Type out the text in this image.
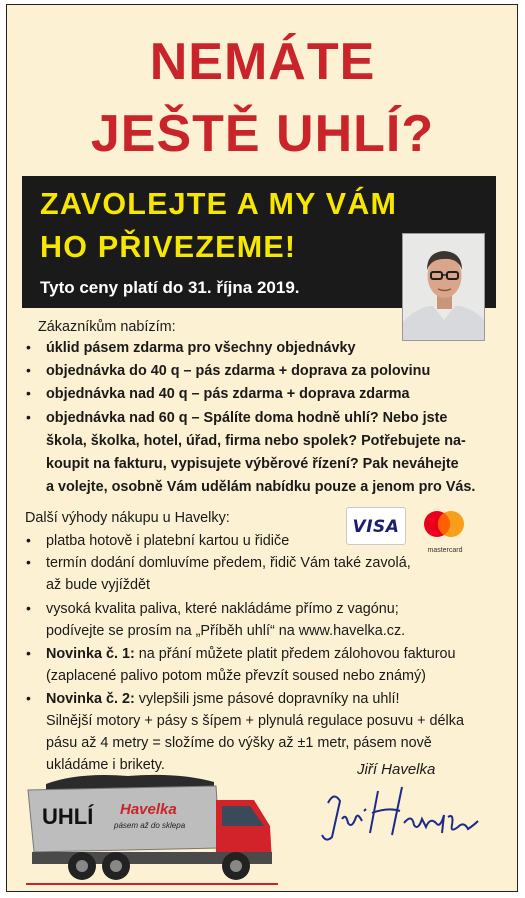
NEMÁTE
JEŠTĚ UHLÍ?
ZAVOLEJTE A MY VÁM
HO PŘIVEZEME!
Tyto ceny platí do 31. října 2019.
Zákazníkům nabízím:
• úklid pásem zdarma pro všechny objednávky
• objednávka do 40 q – pás zdarma + doprava za polovinu
• objednávka nad 40 q – pás zdarma + doprava zdarma
• objednávka nad 60 q – Spálíte doma hodně uhlí? Nebo jste
škola, školka, hotel, úřad, firma nebo spolek? Potřebujete na-
koupit na fakturu, vypisujete výběrové řízení? Pak neváhejte
a volejte, osobně Vám udělám nabídku pouze a jenom pro Vás.
Další výhody nákupu u Havelky:
• platba hotově i platební kartou u řidiče
• termín dodání domluvíme předem, řidič Vám také zavolá,
až bude vyjíždět
• vysoká kvalita paliva, které nakládáme přímo z vagónu;
podívejte se prosím na „Příběh uhlí“ na www.havelka.cz.
• Novinka č. 1: na přání můžete platit předem zálohovou fakturou
(zaplacené palivo potom může převzít soused nebo známý)
• Novinka č. 2: vylepšili jsme pásové dopravníky na uhlí!
Silnější motory + pásy s šípem + plynulá regulace posuvu + délka
pásu až 4 metry = složíme do výšky až ±1 metr, pásem nově
ukládáme i brikety.
VISA
mastercard
Jiří Havelka
UHLÍ Havelka
pásem až do sklepa
